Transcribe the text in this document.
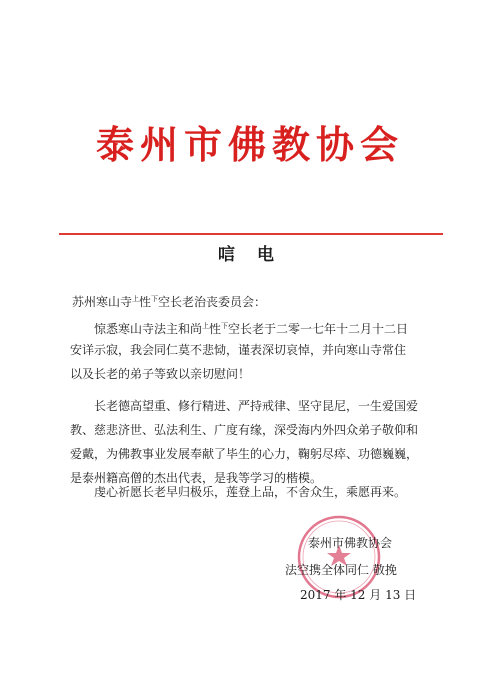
泰州市佛教协会
唁 电
苏州寒山寺$^上$性$^下$空长老治丧委员会：
惊悉寒山寺法主和尚$^上$性$^下$空长老于二零一七年十二月十二日
安详示寂，我会同仁莫不悲恸，谨表深切哀悼，并向寒山寺常住
以及长老的弟子等致以亲切慰问！
长老德高望重、修行精进、严持戒律、坚守昆尼，一生爱国爱
教、慈悲济世、弘法利生、广度有缘，深受海内外四众弟子敬仰和
爱戴，为佛教事业发展奉献了毕生的心力，鞠躬尽瘁、功德巍巍，
是泰州籍高僧的杰出代表，是我等学习的楷模。
虔心祈愿长老早归极乐，莲登上品，不舍众生，乘愿再来。
泰州市佛教协会
法空携全体同仁 敬挽
2017 年 12 月 13 日
